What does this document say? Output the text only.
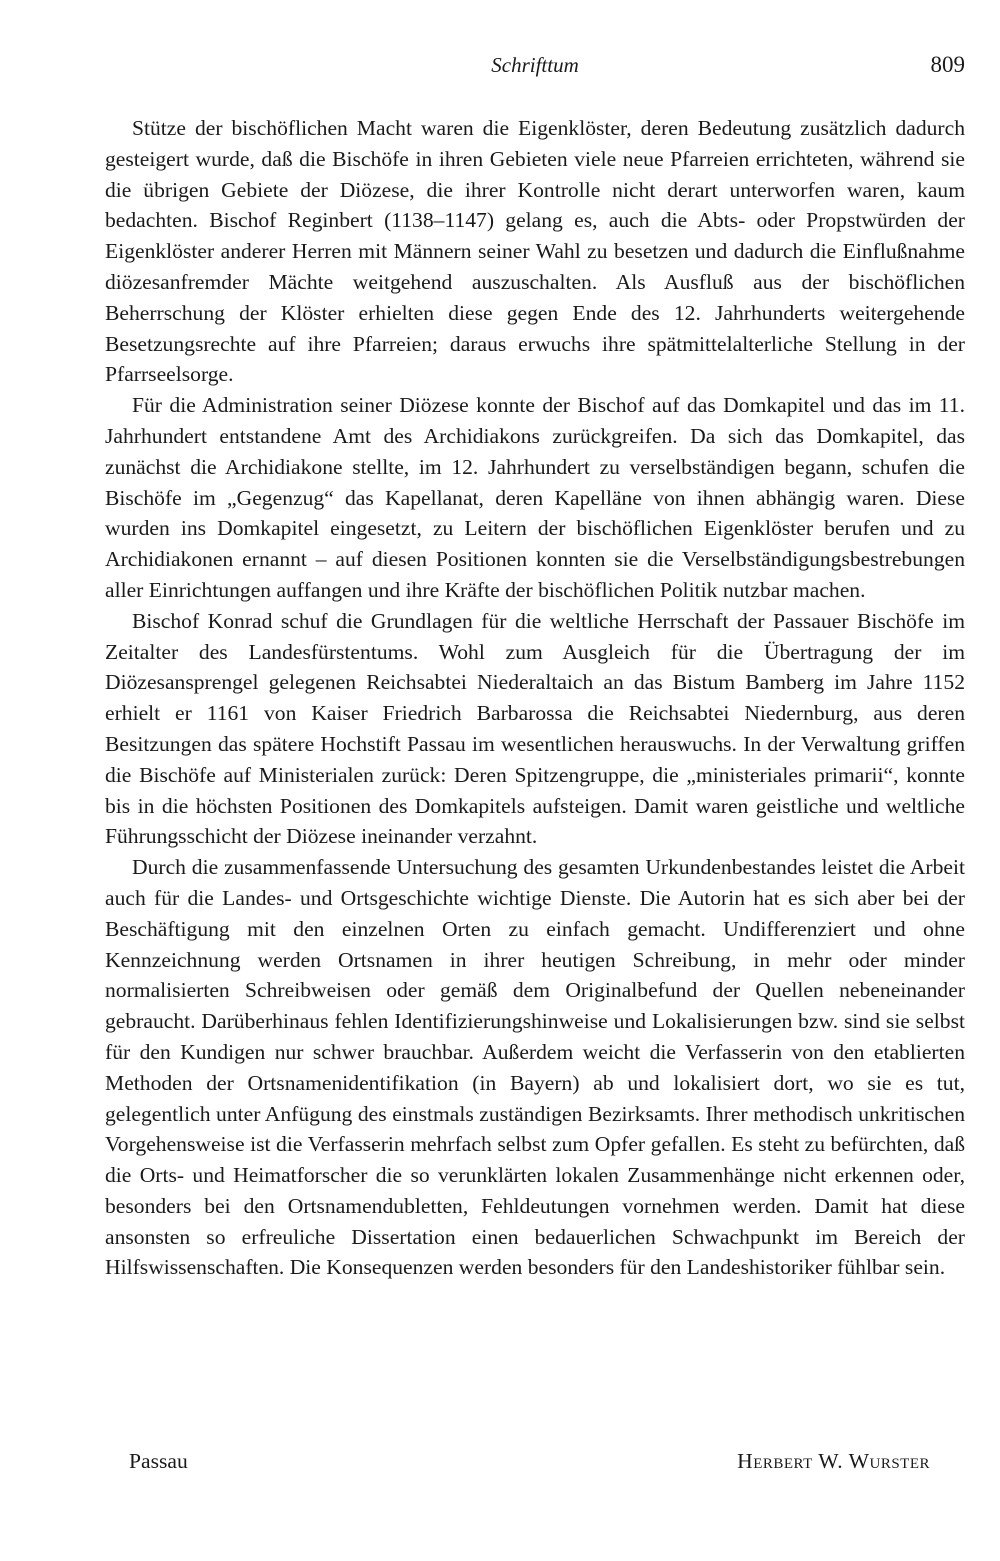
Schrifttum	809

Stütze der bischöflichen Macht waren die Eigenklöster, deren Bedeutung zusätzlich dadurch gesteigert wurde, daß die Bischöfe in ihren Gebieten viele neue Pfarreien errichteten, während sie die übrigen Gebiete der Diözese, die ihrer Kontrolle nicht derart unterworfen waren, kaum bedachten. Bischof Reginbert (1138–1147) gelang es, auch die Abts- oder Propstwürden der Eigenklöster anderer Herren mit Männern seiner Wahl zu besetzen und dadurch die Einflußnahme diözesanfremder Mächte weitgehend auszuschalten. Als Ausfluß aus der bischöflichen Beherrschung der Klöster erhielten diese gegen Ende des 12. Jahrhunderts weitergehende Besetzungsrechte auf ihre Pfarreien; daraus erwuchs ihre spätmittelalterliche Stellung in der Pfarrseelsorge.

Für die Administration seiner Diözese konnte der Bischof auf das Domkapitel und das im 11. Jahrhundert entstandene Amt des Archidiakons zurückgreifen. Da sich das Domkapitel, das zunächst die Archidiakone stellte, im 12. Jahrhundert zu verselbständigen begann, schufen die Bischöfe im „Gegenzug“ das Kapellanat, deren Kapelläne von ihnen abhängig waren. Diese wurden ins Domkapitel eingesetzt, zu Leitern der bischöflichen Eigenklöster berufen und zu Archidiakonen ernannt – auf diesen Positionen konnten sie die Verselbständigungsbestrebungen aller Einrichtungen auffangen und ihre Kräfte der bischöflichen Politik nutzbar machen.

Bischof Konrad schuf die Grundlagen für die weltliche Herrschaft der Passauer Bischöfe im Zeitalter des Landesfürstentums. Wohl zum Ausgleich für die Übertragung der im Diözesansprengel gelegenen Reichsabtei Niederaltaich an das Bistum Bamberg im Jahre 1152 erhielt er 1161 von Kaiser Friedrich Barbarossa die Reichsabtei Niedernburg, aus deren Besitzungen das spätere Hochstift Passau im wesentlichen herauswuchs. In der Verwaltung griffen die Bischöfe auf Ministerialen zurück: Deren Spitzengruppe, die „ministeriales primarii“, konnte bis in die höchsten Positionen des Domkapitels aufsteigen. Damit waren geistliche und weltliche Führungsschicht der Diözese ineinander verzahnt.

Durch die zusammenfassende Untersuchung des gesamten Urkundenbestandes leistet die Arbeit auch für die Landes- und Ortsgeschichte wichtige Dienste. Die Autorin hat es sich aber bei der Beschäftigung mit den einzelnen Orten zu einfach gemacht. Undifferenziert und ohne Kennzeichnung werden Ortsnamen in ihrer heutigen Schreibung, in mehr oder minder normalisierten Schreibweisen oder gemäß dem Originalbefund der Quellen nebeneinander gebraucht. Darüberhinaus fehlen Identifizierungshinweise und Lokalisierungen bzw. sind sie selbst für den Kundigen nur schwer brauchbar. Außerdem weicht die Verfasserin von den etablierten Methoden der Ortsnamenidentifikation (in Bayern) ab und lokalisiert dort, wo sie es tut, gelegentlich unter Anfügung des einstmals zuständigen Bezirksamts. Ihrer methodisch unkritischen Vorgehensweise ist die Verfasserin mehrfach selbst zum Opfer gefallen. Es steht zu befürchten, daß die Orts- und Heimatforscher die so verunklärten lokalen Zusammenhänge nicht erkennen oder, besonders bei den Ortsnamendubletten, Fehldeutungen vornehmen werden. Damit hat diese ansonsten so erfreuliche Dissertation einen bedauerlichen Schwachpunkt im Bereich der Hilfswissenschaften. Die Konsequenzen werden besonders für den Landeshistoriker fühlbar sein.

Passau	Herbert W. Wurster
